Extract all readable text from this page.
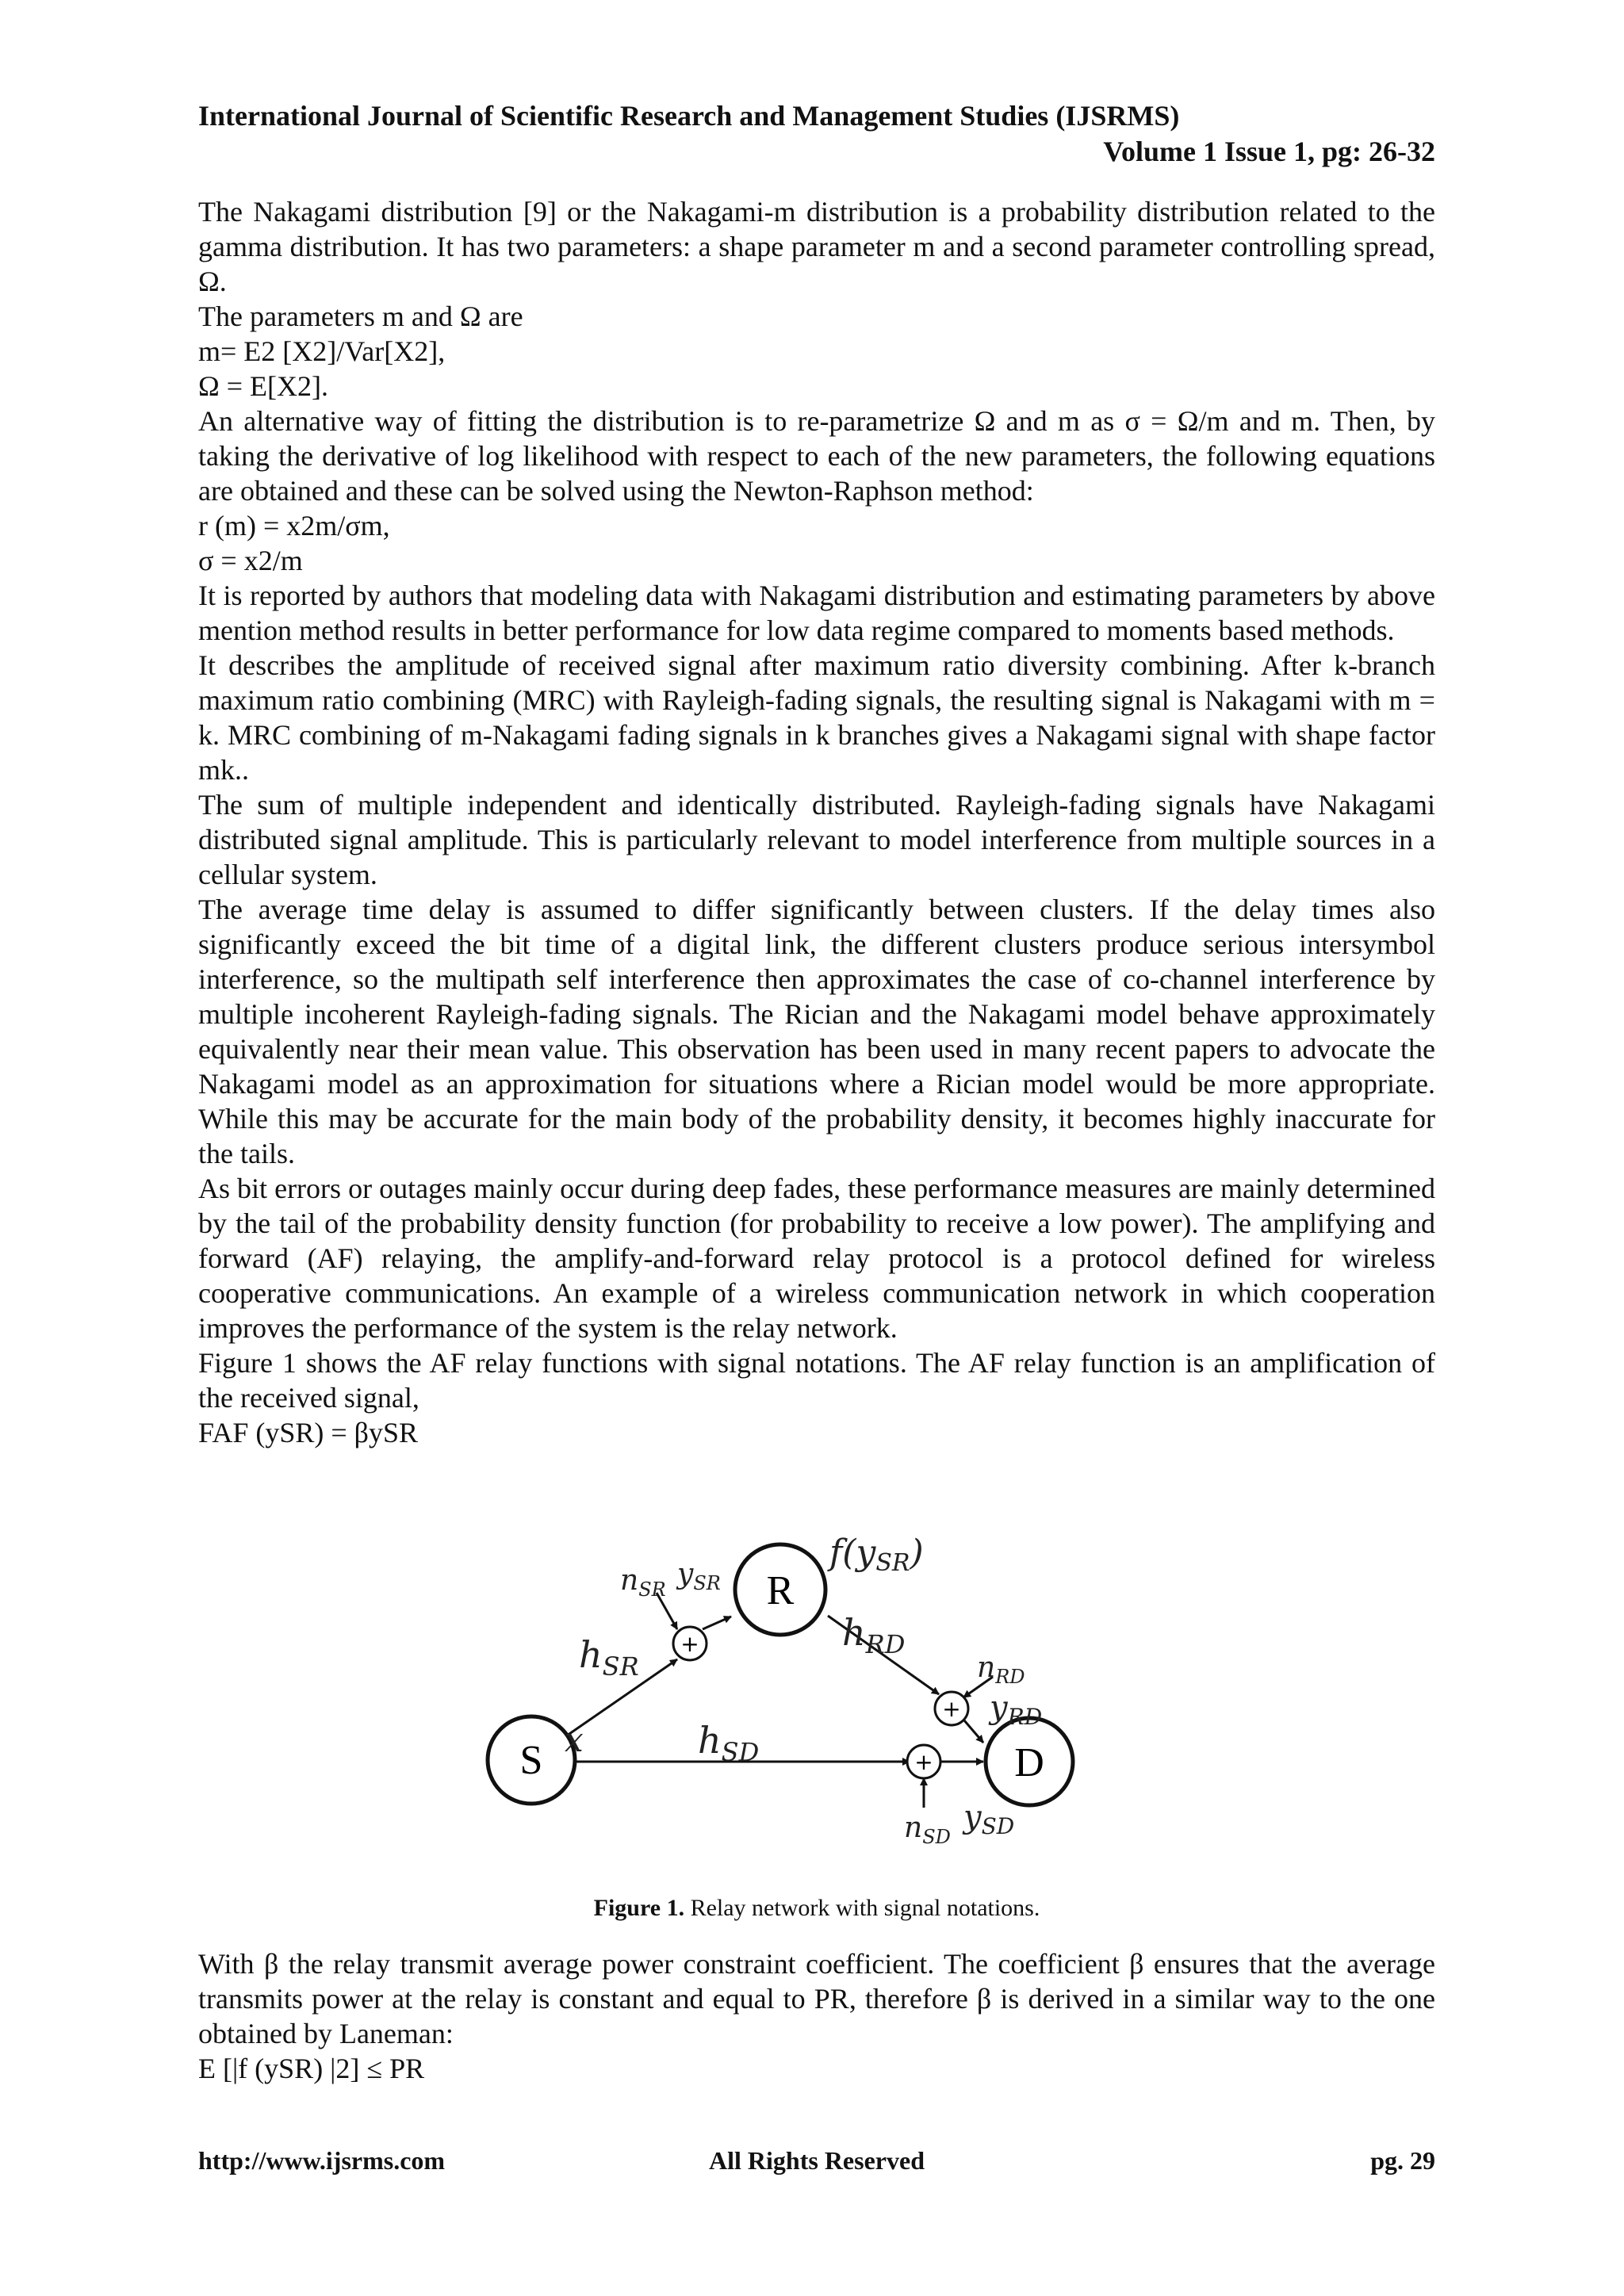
International Journal of Scientific Research and Management Studies (IJSRMS)
Volume 1 Issue 1, pg: 26-32

The Nakagami distribution [9] or the Nakagami-m distribution is a probability distribution related to the gamma distribution. It has two parameters: a shape parameter m and a second parameter controlling spread, Ω.

The parameters m and Ω are

m= E2 [X2]/Var[X2],

Ω = E[X2].

An alternative way of fitting the distribution is to re-parametrize Ω and m as σ = Ω/m and m. Then, by taking the derivative of log likelihood with respect to each of the new parameters, the following equations are obtained and these can be solved using the Newton-Raphson method:

r (m) = x2m/σm,

σ = x2/m

It is reported by authors that modeling data with Nakagami distribution and estimating parameters by above mention method results in better performance for low data regime compared to moments based methods.

It describes the amplitude of received signal after maximum ratio diversity combining. After k-branch maximum ratio combining (MRC) with Rayleigh-fading signals, the resulting signal is Nakagami with m = k. MRC combining of m-Nakagami fading signals in k branches gives a Nakagami signal with shape factor mk..

The sum of multiple independent and identically distributed. Rayleigh-fading signals have Nakagami distributed signal amplitude. This is particularly relevant to model interference from multiple sources in a cellular system.

The average time delay is assumed to differ significantly between clusters. If the delay times also significantly exceed the bit time of a digital link, the different clusters produce serious intersymbol interference, so the multipath self interference then approximates the case of co-channel interference by multiple incoherent Rayleigh-fading signals. The Rician and the Nakagami model behave approximately equivalently near their mean value. This observation has been used in many recent papers to advocate the Nakagami model as an approximation for situations where a Rician model would be more appropriate. While this may be accurate for the main body of the probability density, it becomes highly inaccurate for the tails.

As bit errors or outages mainly occur during deep fades, these performance measures are mainly determined by the tail of the probability density function (for probability to receive a low power). The amplifying and forward (AF) relaying, the amplify-and-forward relay protocol is a protocol defined for wireless cooperative communications. An example of a wireless communication network in which cooperation improves the performance of the system is the relay network.

Figure 1 shows the AF relay functions with signal notations. The AF relay function is an amplification of the received signal,

FAF (ySR) = βySR

S
R
D
+
+
+
x
$h_{SR}$
$h_{SD}$
$h_{RD}$
$n_{SR}$ $y_{SR}$
f(ySR)
$n_{RD}$
$y_{RD}$
$n_{SD}$
$y_{SD}$
Figure 1. Relay network with signal notations.

With β the relay transmit average power constraint coefficient. The coefficient β ensures that the average transmits power at the relay is constant and equal to PR, therefore β is derived in a similar way to the one obtained by Laneman:

E [|f (ySR) |2] ≤ PR

http://www.ijsrms.com	All Rights Reserved	pg. 29
